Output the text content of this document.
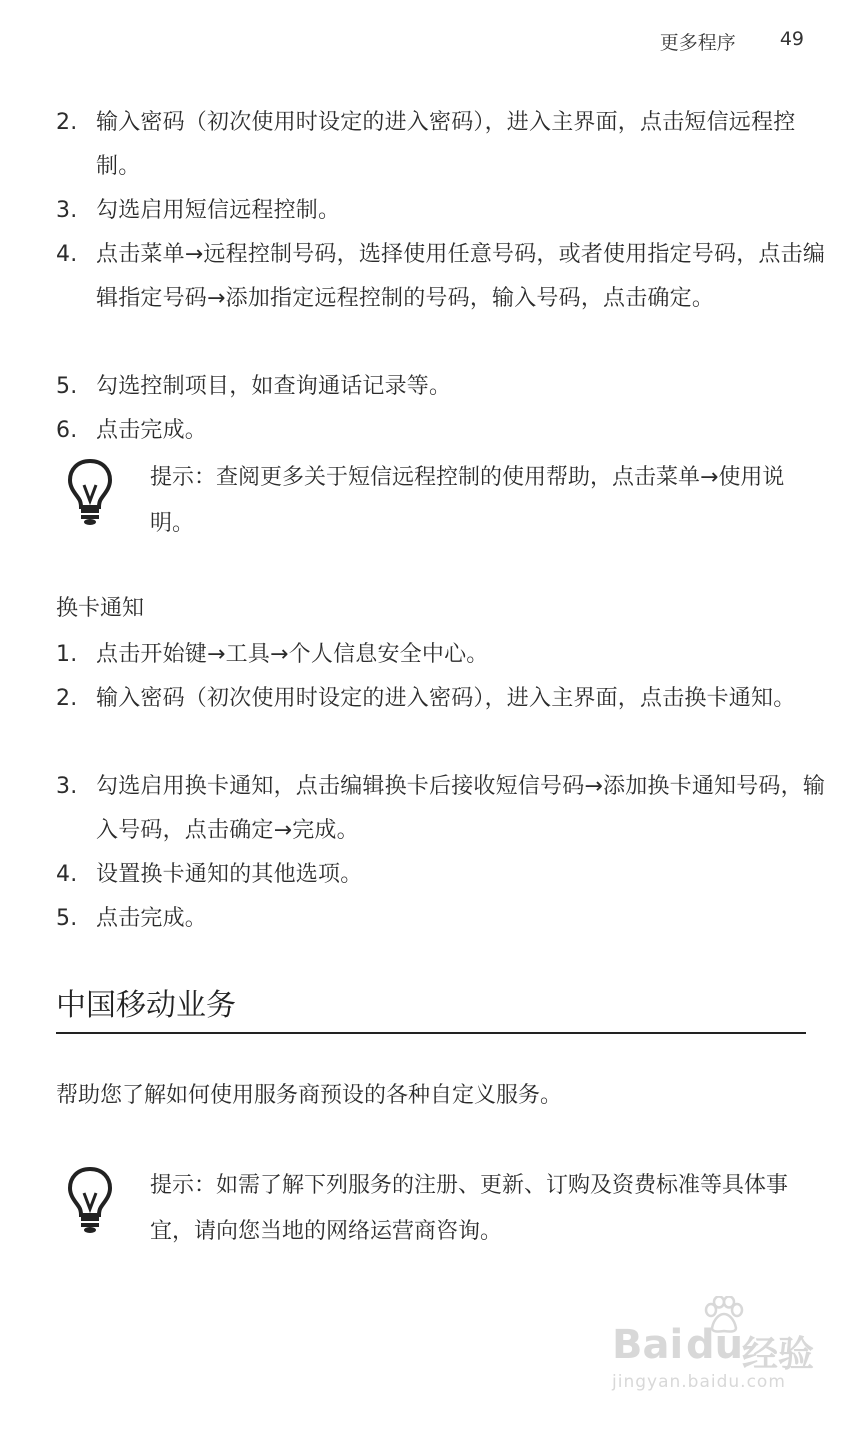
更多程序 49
2. 输入密码（初次使用时设定的进入密码），进入主界面，点击短信远程控制。
3. 勾选启用短信远程控制。
4. 点击菜单→远程控制号码，选择使用任意号码，或者使用指定号码，点击编辑指定号码→添加指定远程控制的号码，输入号码，点击确定。
5. 勾选控制项目，如查询通话记录等。
6. 点击完成。
提示：查阅更多关于短信远程控制的使用帮助，点击菜单→使用说明。
换卡通知
1. 点击开始键→工具→个人信息安全中心。
2. 输入密码（初次使用时设定的进入密码），进入主界面，点击换卡通知。
3. 勾选启用换卡通知，点击编辑换卡后接收短信号码→添加换卡通知号码，输入号码，点击确定→完成。
4. 设置换卡通知的其他选项。
5. 点击完成。
中国移动业务
帮助您了解如何使用服务商预设的各种自定义服务。
提示：如需了解下列服务的注册、更新、订购及资费标准等具体事宜，请向您当地的网络运营商咨询。
Bai du
经验
jingyan.baidu.com
